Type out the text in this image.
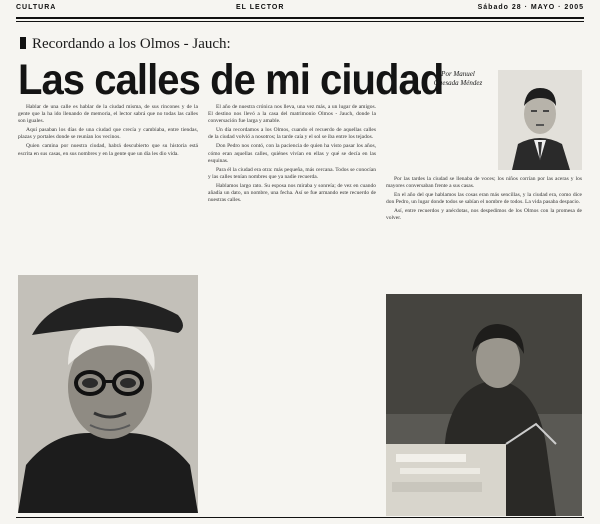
CULTURA	EL LECTOR	Sábado 28 · MAYO · 2005
Recordando a los Olmos - Jauch:
Las calles de mi ciudad
Por Manuel
Quesada Méndez

Hablar de una calle es hablar de la ciudad misma, de sus rincones y de la gente que la ha ido llenando de memoria, el lector sabrá que no todas las calles son iguales.

Aquí pasaban los días de una ciudad que crecía y cambiaba, entre tiendas, plazas y portales donde se reunían los vecinos.

Quien camina por nuestra ciudad, habrá descubierto que su historia está escrita en sus casas, en sus nombres y en la gente que un día les dio vida.

El año de nuestra crónica nos lleva, una vez más, a un lugar de amigos. El destino nos llevó a la casa del matrimonio Olmos - Jauch, donde la conversación fue larga y amable.

Un día recordamos a los Olmos, cuando el recuerdo de aquellas calles de la ciudad volvió a nosotros; la tarde caía y el sol se iba entre los tejados.

Don Pedro nos contó, con la paciencia de quien ha visto pasar los años, cómo eran aquellas calles, quiénes vivían en ellas y qué se decía en las esquinas.

Para él la ciudad era otra: más pequeña, más cercana. Todos se conocían y las calles tenían nombres que ya nadie recuerda.

Hablamos largo rato. Su esposa nos miraba y sonreía; de vez en cuando añadía un dato, un nombre, una fecha. Así se fue armando este recuerdo de nuestras calles.

Por las tardes la ciudad se llenaba de voces; los niños corrían por las aceras y los mayores conversaban frente a sus casas.

En el año del que hablamos las cosas eran más sencillas, y la ciudad era, como dice don Pedro, un lugar donde todos se sabían el nombre de todos. La vida pasaba despacio.

Así, entre recuerdos y anécdotas, nos despedimos de los Olmos con la promesa de volver.
